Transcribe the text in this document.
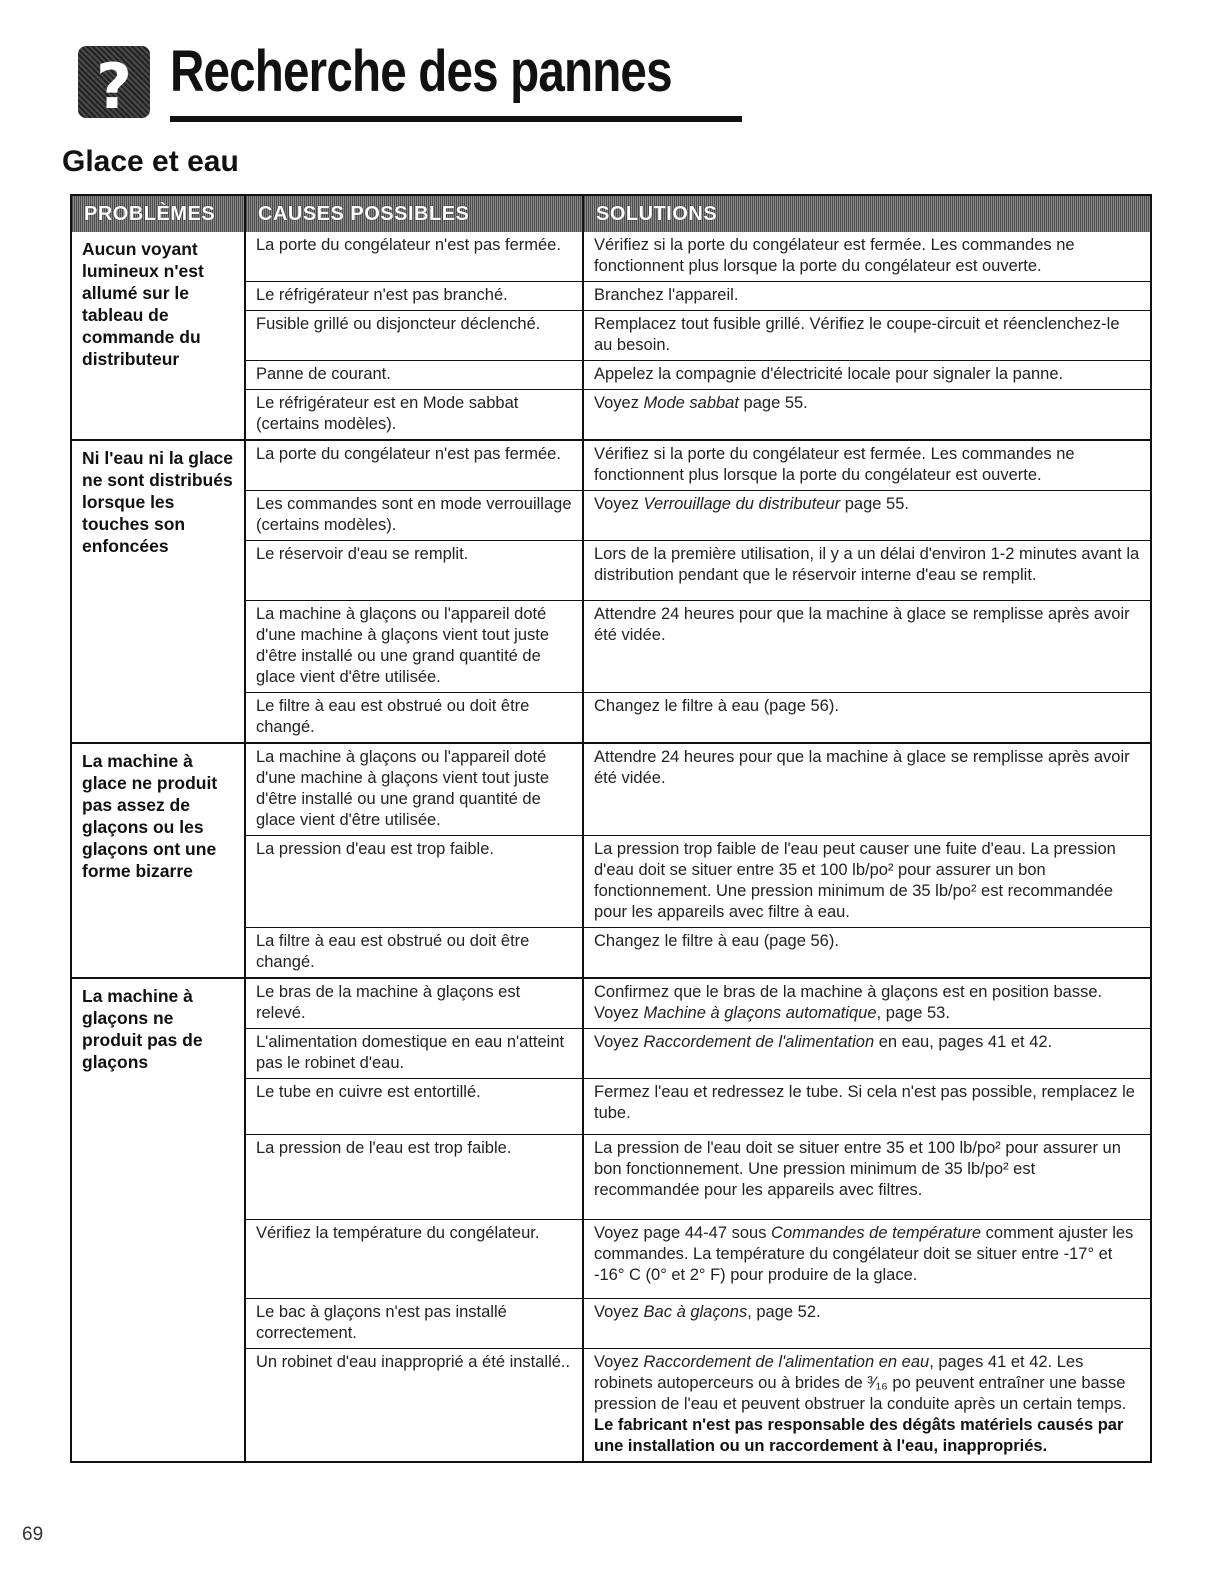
? Recherche des pannes
Glace et eau
PROBLÈMES	CAUSES POSSIBLES	SOLUTIONS
Aucun voyant lumineux n'est allumé sur le tableau de commande du distributeur	La porte du congélateur n'est pas fermée.	Vérifiez si la porte du congélateur est fermée. Les commandes ne fonctionnent plus lorsque la porte du congélateur est ouverte.
	Le réfrigérateur n'est pas branché.	Branchez l'appareil.
	Fusible grillé ou disjoncteur déclenché.	Remplacez tout fusible grillé. Vérifiez le coupe-circuit et réenclenchez-le au besoin.
	Panne de courant.	Appelez la compagnie d'électricité locale pour signaler la panne.
	Le réfrigérateur est en Mode sabbat (certains modèles).	Voyez Mode sabbat page 55.
Ni l'eau ni la glace ne sont distribués lorsque les touches son enfoncées	La porte du congélateur n'est pas fermée.	Vérifiez si la porte du congélateur est fermée. Les commandes ne fonctionnent plus lorsque la porte du congélateur est ouverte.
	Les commandes sont en mode verrouillage (certains modèles).	Voyez Verrouillage du distributeur page 55.
	Le réservoir d'eau se remplit.	Lors de la première utilisation, il y a un délai d'environ 1-2 minutes avant la distribution pendant que le réservoir interne d'eau se remplit.
	La machine à glaçons ou l'appareil doté d'une machine à glaçons vient tout juste d'être installé ou une grand quantité de glace vient d'être utilisée.	Attendre 24 heures pour que la machine à glace se remplisse après avoir été vidée.
	Le filtre à eau est obstrué ou doit être changé.	Changez le filtre à eau (page 56).
La machine à glace ne produit pas assez de glaçons ou les glaçons ont une forme bizarre	La machine à glaçons ou l'appareil doté d'une machine à glaçons vient tout juste d'être installé ou une grand quantité de glace vient d'être utilisée.	Attendre 24 heures pour que la machine à glace se remplisse après avoir été vidée.
	La pression d'eau est trop faible.	La pression trop faible de l'eau peut causer une fuite d'eau. La pression d'eau doit se situer entre 35 et 100 lb/po² pour assurer un bon fonctionnement. Une pression minimum de 35 lb/po² est recommandée pour les appareils avec filtre à eau.
	La filtre à eau est obstrué ou doit être changé.	Changez le filtre à eau (page 56).
La machine à glaçons ne produit pas de glaçons	Le bras de la machine à glaçons est relevé.	Confirmez que le bras de la machine à glaçons est en position basse. Voyez Machine à glaçons automatique, page 53.
	L'alimentation domestique en eau n'atteint pas le robinet d'eau.	Voyez Raccordement de l'alimentation en eau, pages 41 et 42.
	Le tube en cuivre est entortillé.	Fermez l'eau et redressez le tube. Si cela n'est pas possible, remplacez le tube.
	La pression de l'eau est trop faible.	La pression de l'eau doit se situer entre 35 et 100 lb/po² pour assurer un bon fonctionnement. Une pression minimum de 35 lb/po² est recommandée pour les appareils avec filtres.
	Vérifiez la température du congélateur.	Voyez page 44-47 sous Commandes de température comment ajuster les commandes. La température du congélateur doit se situer entre -17° et -16° C (0° et 2° F) pour produire de la glace.
	Le bac à glaçons n'est pas installé correctement.	Voyez Bac à glaçons, page 52.
	Un robinet d'eau inapproprié a été installé..	Voyez Raccordement de l'alimentation en eau, pages 41 et 42. Les robinets autoperceurs ou à brides de ³⁄₁₆ po peuvent entraîner une basse pression de l'eau et peuvent obstruer la conduite après un certain temps. Le fabricant n'est pas responsable des dégâts matériels causés par une installation ou un raccordement à l'eau, inappropriés.
69
